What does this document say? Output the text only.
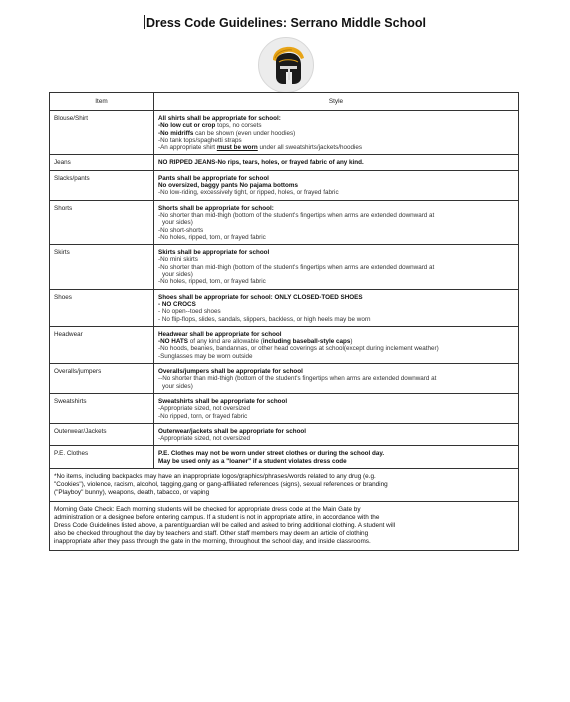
Dress Code Guidelines: Serrano Middle School
Item	Style
Blouse/Shirt	All shirts shall be appropriate for school:
-No low cut or crop tops, no corsets
-No midriffs can be shown (even under hoodies)
-No tank tops/spaghetti straps
-An appropriate shirt must be worn under all sweatshirts/jackets/hoodies

Jeans	NO RIPPED JEANS-No rips, tears, holes, or frayed fabric of any kind.

Slacks/pants	Pants shall be appropriate for school
No oversized, baggy pants No pajama bottoms
-No low-riding, excessively tight, or ripped, holes, or frayed fabric

Shorts	Shorts shall be appropriate for school:
-No shorter than mid-thigh (bottom of the student's fingertips when arms are extended downward at
your sides)
-No short-shorts
-No holes, ripped, torn, or frayed fabric

Skirts	Skirts shall be appropriate for school
-No mini skirts
-No shorter than mid-thigh (bottom of the student's fingertips when arms are extended downward at
your sides)
-No holes, ripped, torn, or frayed fabric

Shoes	Shoes shall be appropriate for school: ONLY CLOSED-TOED SHOES
- NO CROCS
- No open--toed shoes
- No flip-flops, slides, sandals, slippers, backless, or high heels may be worn

Headwear	Headwear shall be appropriate for school
-NO HATS of any kind are allowable (including baseball-style caps)
-No hoods, beanies, bandannas, or other head coverings at school(except during inclement weather)
-Sunglasses may be worn outside

Overalls/jumpers	Overalls/jumpers shall be appropriate for school
--No shorter than mid-thigh (bottom of the student's fingertips when arms are extended downward at
your sides)

Sweatshirts	Sweatshirts shall be appropriate for school
-Appropriate sized, not oversized
-No ripped, torn, or frayed fabric

Outerwear/Jackets	Outerwear/jackets shall be appropriate for school
-Appropriate sized, not oversized

P.E. Clothes	P.E. Clothes may not be worn under street clothes or during the school day.
May be used only as a "loaner" if a student violates dress code

*No items, including backpacks may have an inappropriate logos/graphics/phrases/words related to any drug (e.g.
"Cookies"), violence, racism, alcohol, tagging,gang or gang-affiliated references (signs), sexual references or branding
("Playboy" bunny), weapons, death, tabacco, or vaping	

Morning Gate Check: Each morning students will be checked for appropriate dress code at the Main Gate by
administration or a designee before entering campus. If a student is not in appropriate attire, in accordance with the
Dress Code Guidelines listed above, a parent/guardian will be called and asked to bring additional clothing. A student will
also be checked throughout the day by teachers and staff. Other staff members may deem an article of clothing
inappropriate after they pass through the gate in the morning, throughout the school day, and inside classrooms.	
